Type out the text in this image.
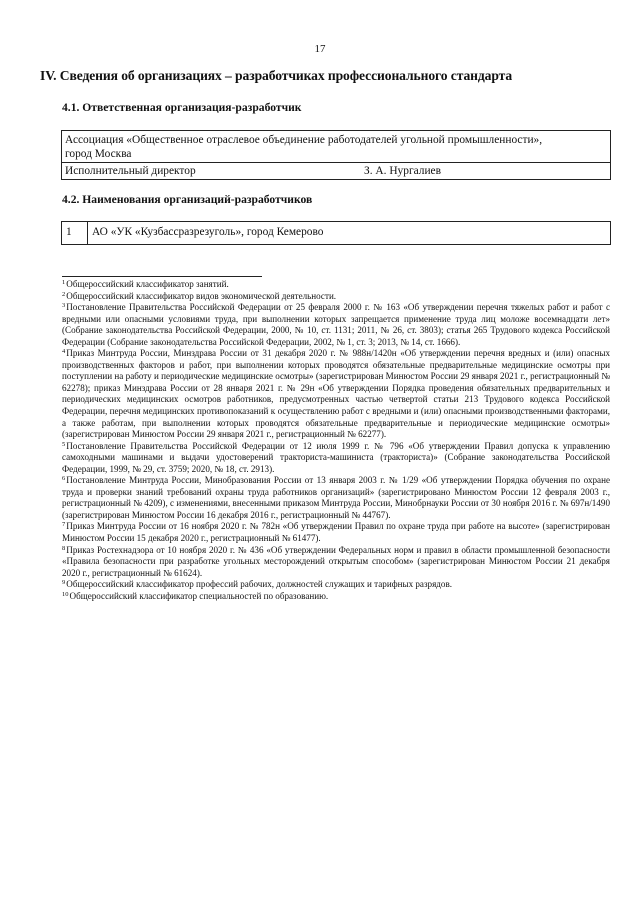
17
IV. Сведения об организациях – разработчиках профессионального стандарта
4.1. Ответственная организация-разработчик
Ассоциация «Общественное отраслевое объединение работодателей угольной промышленности»,
город Москва

Исполнительный директор	З. А. Нургалиев
4.2. Наименования организаций-разработчиков
1	АО «УК «Кузбассразрезуголь», город Кемерово
$^1$Общероссийский классификатор занятий.
$^2$Общероссийский классификатор видов экономической деятельности.
$^3$Постановление Правительства Российской Федерации от 25 февраля 2000 г. № 163 «Об утверждении перечня тяжелых работ и работ с вредными или опасными условиями труда, при выполнении которых запрещается применение труда лиц моложе восемнадцати лет» (Собрание законодательства Российской Федерации, 2000, № 10, ст. 1131; 2011, № 26, ст. 3803); статья 265 Трудового кодекса Российской Федерации (Собрание законодательства Российской Федерации, 2002, № 1, ст. 3; 2013, № 14, ст. 1666).
$^4$Приказ Минтруда России, Минздрава России от 31 декабря 2020 г. № 988н/1420н «Об утверждении перечня вредных и (или) опасных производственных факторов и работ, при выполнении которых проводятся обязательные предварительные медицинские осмотры при поступлении на работу и периодические медицинские осмотры» (зарегистрирован Минюстом России 29 января 2021 г., регистрационный № 62278); приказ Минздрава России от 28 января 2021 г. № 29н «Об утверждении Порядка проведения обязательных предварительных и периодических медицинских осмотров работников, предусмотренных частью четвертой статьи 213 Трудового кодекса Российской Федерации, перечня медицинских противопоказаний к осуществлению работ с вредными и (или) опасными производственными факторами, а также работам, при выполнении которых проводятся обязательные предварительные и периодические медицинские осмотры» (зарегистрирован Минюстом России 29 января 2021 г., регистрационный № 62277).
$^5$Постановление Правительства Российской Федерации от 12 июля 1999 г. № 796 «Об утверждении Правил допуска к управлению самоходными машинами и выдачи удостоверений тракториста-машиниста (тракториста)» (Собрание законодательства Российской Федерации, 1999, № 29, ст. 3759; 2020, № 18, ст. 2913).
$^6$Постановление Минтруда России, Минобразования России от 13 января 2003 г. № 1/29 «Об утверждении Порядка обучения по охране труда и проверки знаний требований охраны труда работников организаций» (зарегистрировано Минюстом России 12 февраля 2003 г., регистрационный № 4209), с изменениями, внесенными приказом Минтруда России, Минобрнауки России от 30 ноября 2016 г. № 697н/1490 (зарегистрирован Минюстом России 16 декабря 2016 г., регистрационный № 44767).
$^7$Приказ Минтруда России от 16 ноября 2020 г. № 782н «Об утверждении Правил по охране труда при работе на высоте» (зарегистрирован Минюстом России 15 декабря 2020 г., регистрационный № 61477).
$^8$Приказ Ростехнадзора от 10 ноября 2020 г. № 436 «Об утверждении Федеральных норм и правил в области промышленной безопасности «Правила безопасности при разработке угольных месторождений открытым способом» (зарегистрирован Минюстом России 21 декабря 2020 г., регистрационный № 61624).
$^9$Общероссийский классификатор профессий рабочих, должностей служащих и тарифных разрядов.
$^{10}$Общероссийский классификатор специальностей по образованию.
